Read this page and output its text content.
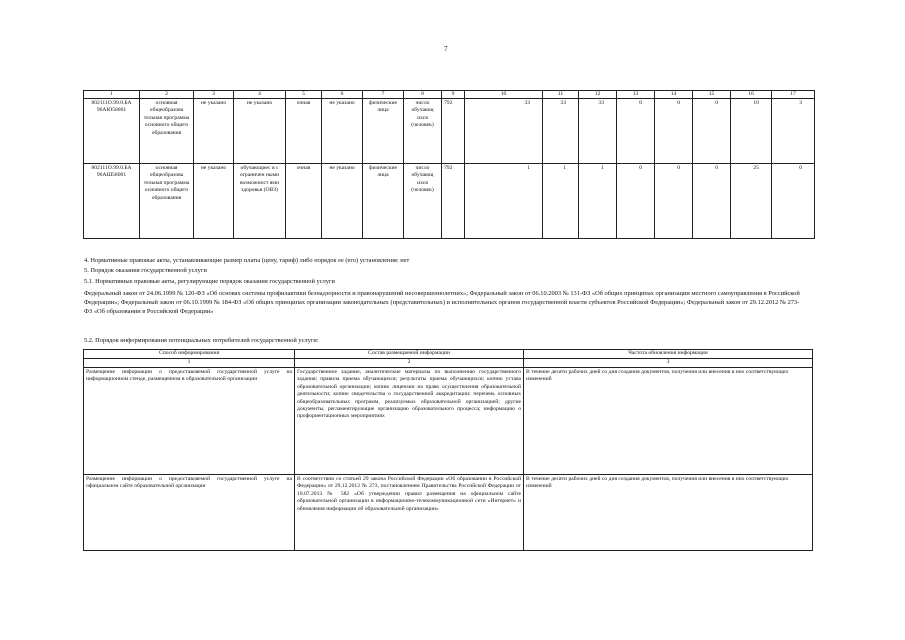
7
1	2	3	4	5	6	7	8	9	10	11	12	13	14	15	16	17
802111О.99.0.БА 96АЮ58001	основная общеобразова тельная программа основного общего образования	не указано	не указано	очная	не указано	физические лица	число обучающ ихся (человек)	792	33	33	33	0	0	0	10	3
802111О.99.0.БА 96АШ58001	основная общеобразова тельная программа основного общего образования	не указано	обучающиес я с ограничен ными возможност ями здоровья (ОВЗ)	очная	не указано	физические лица	число обучающ ихся (человек)	792	1	1	1	0	0	0	25	0
4. Нормативные правовые акты, устанавливающие размер платы (цену, тариф) либо порядок ее (его) установления: нет
5. Порядок оказания государственной услуги
5.1. Нормативные правовые акты, регулирующие порядок оказания государственной услуги
Федеральный закон от 24.06.1999 № 120-ФЗ «Об основах системы профилактики безнадзорности и правонарушений несовершеннолетних»; Федеральный закон от 06.10.2003 № 131-ФЗ «Об общих принципах организации местного самоуправления в Российской Федерации»; Федеральный закон от 06.10.1999 № 184-ФЗ «Об общих принципах организации законодательных (представительных) и исполнительных органов государственной власти субъектов Российской Федерации»; Федеральный закон от 29.12.2012 № 273-ФЗ «Об образовании в Российской Федерации»
5.2. Порядок информирования потенциальных потребителей государственной услуги:
Способ информирования	Состав размещаемой информации	Частота обновления информации
1	2	3
Размещение информации о предоставляемой государственной услуге на информационном стенде, размещенном в образовательной организации	Государственное задание, аналитические материалы по выполнению государственного задания; правила приема обучающихся; результаты приема обучающихся; копию устава образовательной организации; копию лицензии на право осуществления образовательной деятельности; копию свидетельства о государственной аккредитации; перечень основных общеобразовательных программ, реализуемых образовательной организацией; другие документы, регламентирующие организацию образовательного процесса; информацию о профориентационных мероприятиях	В течение десяти рабочих дней со дня создания документов, получения или внесения в них соответствующих изменений
Размещение информации о предоставляемой государственной услуге на официальном сайте образовательной организации	В соответствии со статьей 29 закона Российской Федерации «Об образовании в Российской Федерации» от 29.12.2012 № 273, постановлением Правительства Российской Федерации от 10.07.2013 № 582 «Об утверждении правил размещения на официальном сайте образовательной организации в информационно-телекоммуникационной сети «Интернет» и обновления информации об образовательной организации»	В течение десяти рабочих дней со дня создания документов, получения или внесения в них соответствующих изменений
